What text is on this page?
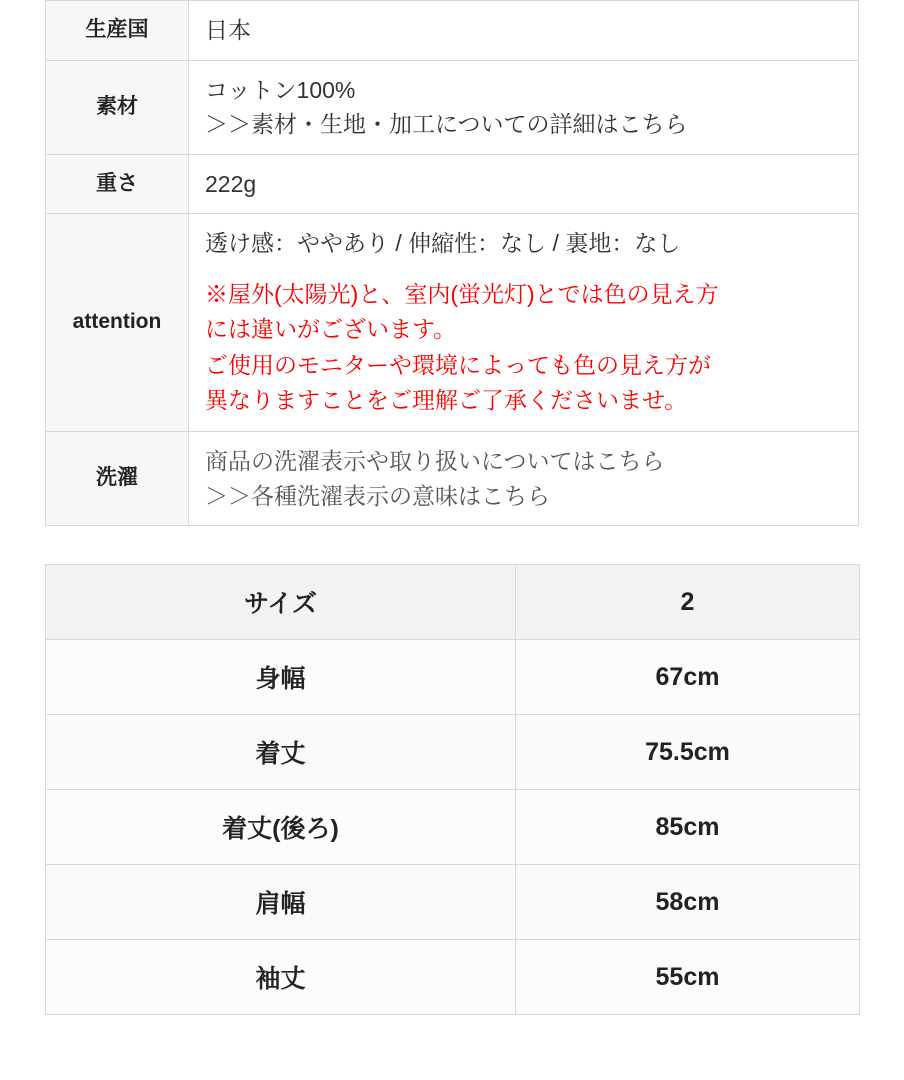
生産国	日本

素材	コットン100%
＞＞素材・生地・加工についての詳細はこちら

重さ	222g

attention	透け感：ややあり / 伸縮性：なし / 裏地：なし
※屋外(太陽光)と、室内(蛍光灯)とでは色の見え方
には違いがございます。
ご使用のモニターや環境によっても色の見え方が
異なりますことをご理解ご了承くださいませ。

洗濯	商品の洗濯表示や取り扱いについてはこちら
＞＞各種洗濯表示の意味はこちら
サイズ	2
身幅	67cm
着丈	75.5cm
着丈(後ろ)	85cm
肩幅	58cm
袖丈	55cm
